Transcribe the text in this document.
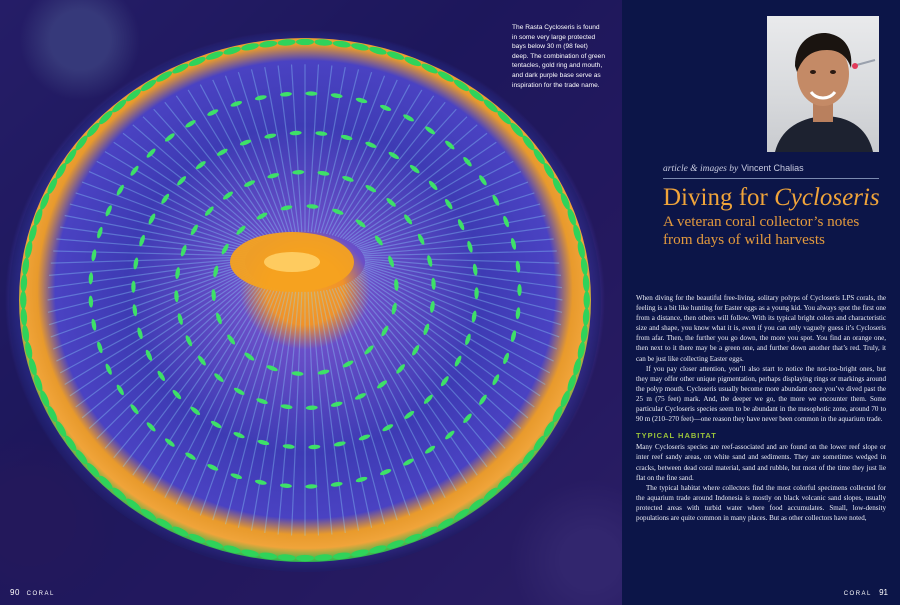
The Rasta Cycloseris is found in some very large protected bays below 30 m (98 feet) deep. The combination of green tentacles, gold ring and mouth, and dark purple base serve as inspiration for the trade name.
90 CORAL
article & images by Vincent Chalias
Diving for Cycloseris
A veteran coral collector’s notes from days of wild harvests

When diving for the beautiful free-living, solitary polyps of Cycloseris LPS corals, the feeling is a bit like hunting for Easter eggs as a young kid. You always spot the first one from a distance, then others will follow. With its typical bright colors and characteristic size and shape, you know what it is, even if you can only vaguely guess it’s Cycloseris from afar. Then, the further you go down, the more you spot. You find an orange one, then next to it there may be a green one, and further down another that’s red. Truly, it can be just like collecting Easter eggs.

If you pay closer attention, you’ll also start to notice the not-too-bright ones, but they may offer other unique pigmentation, perhaps displaying rings or markings around the polyp mouth. Cycloseris usually become more abundant once you’ve dived past the 25 m (75 feet) mark. And, the deeper we go, the more we encounter them. Some particular Cycloseris species seem to be abundant in the mesophotic zone, around 70 to 90 m (210–270 feet)—one reason they have never been common in the aquarium trade.

TYPICAL HABITAT

Many Cycloseris species are reef-associated and are found on the lower reef slope or inter reef sandy areas, on white sand and sediments. They are sometimes wedged in cracks, between dead coral material, sand and rubble, but most of the time they just lie flat on the fine sand.

The typical habitat where collectors find the most colorful specimens collected for the aquarium trade around Indonesia is mostly on black volcanic sand slopes, usually protected areas with turbid water where food accumulates. Small, low-density populations are quite common in many places. But as other collectors have noted,

CORAL 91
